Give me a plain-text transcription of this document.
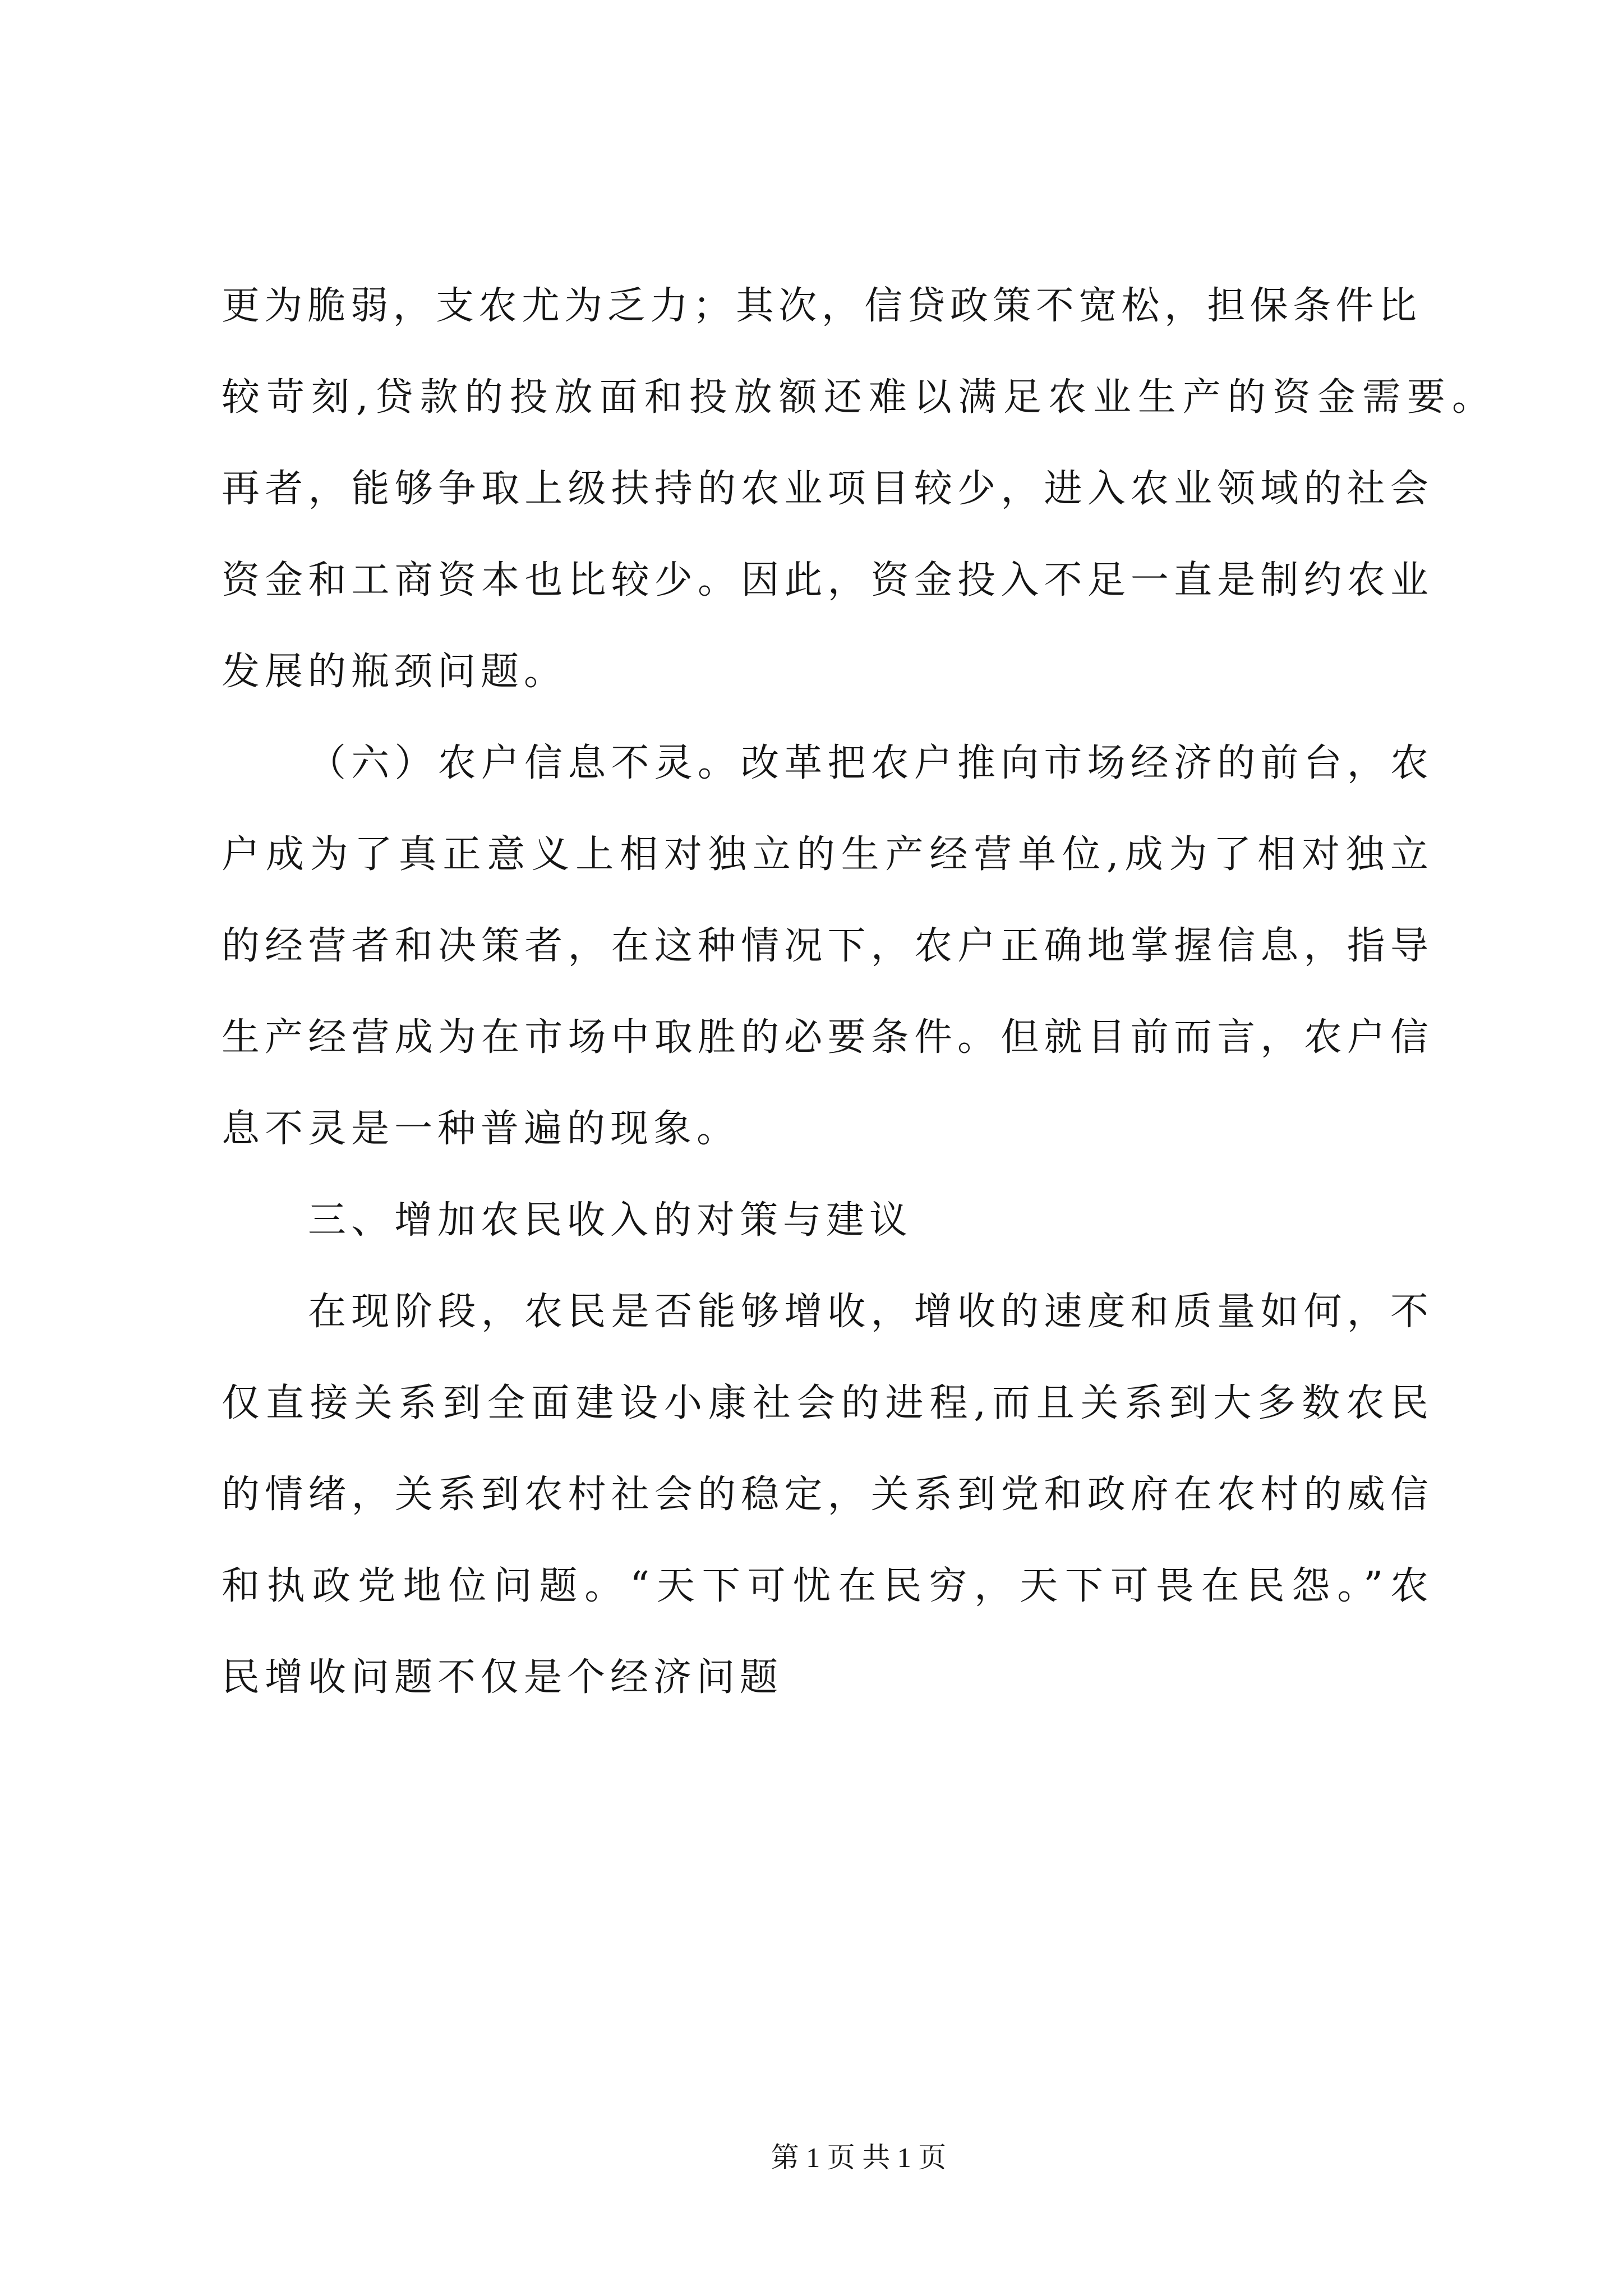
更为脆弱，支农尤为乏力；其次，信贷政策不宽松，担保条件比
较苛刻,贷款的投放面和投放额还难以满足农业生产的资金需要。
再者，能够争取上级扶持的农业项目较少，进入农业领域的社会
资金和工商资本也比较少。因此，资金投入不足一直是制约农业
发展的瓶颈问题。
（六）农户信息不灵。改革把农户推向市场经济的前台，农
户成为了真正意义上相对独立的生产经营单位,成为了相对独立
的经营者和决策者，在这种情况下，农户正确地掌握信息，指导
生产经营成为在市场中取胜的必要条件。但就目前而言，农户信
息不灵是一种普遍的现象。
三、增加农民收入的对策与建议
在现阶段，农民是否能够增收，增收的速度和质量如何，不
仅直接关系到全面建设小康社会的进程,而且关系到大多数农民
的情绪，关系到农村社会的稳定，关系到党和政府在农村的威信
和执政党地位问题。“天下可忧在民穷，天下可畏在民怨。”农
民增收问题不仅是个经济问题
第 1 页 共 1 页
